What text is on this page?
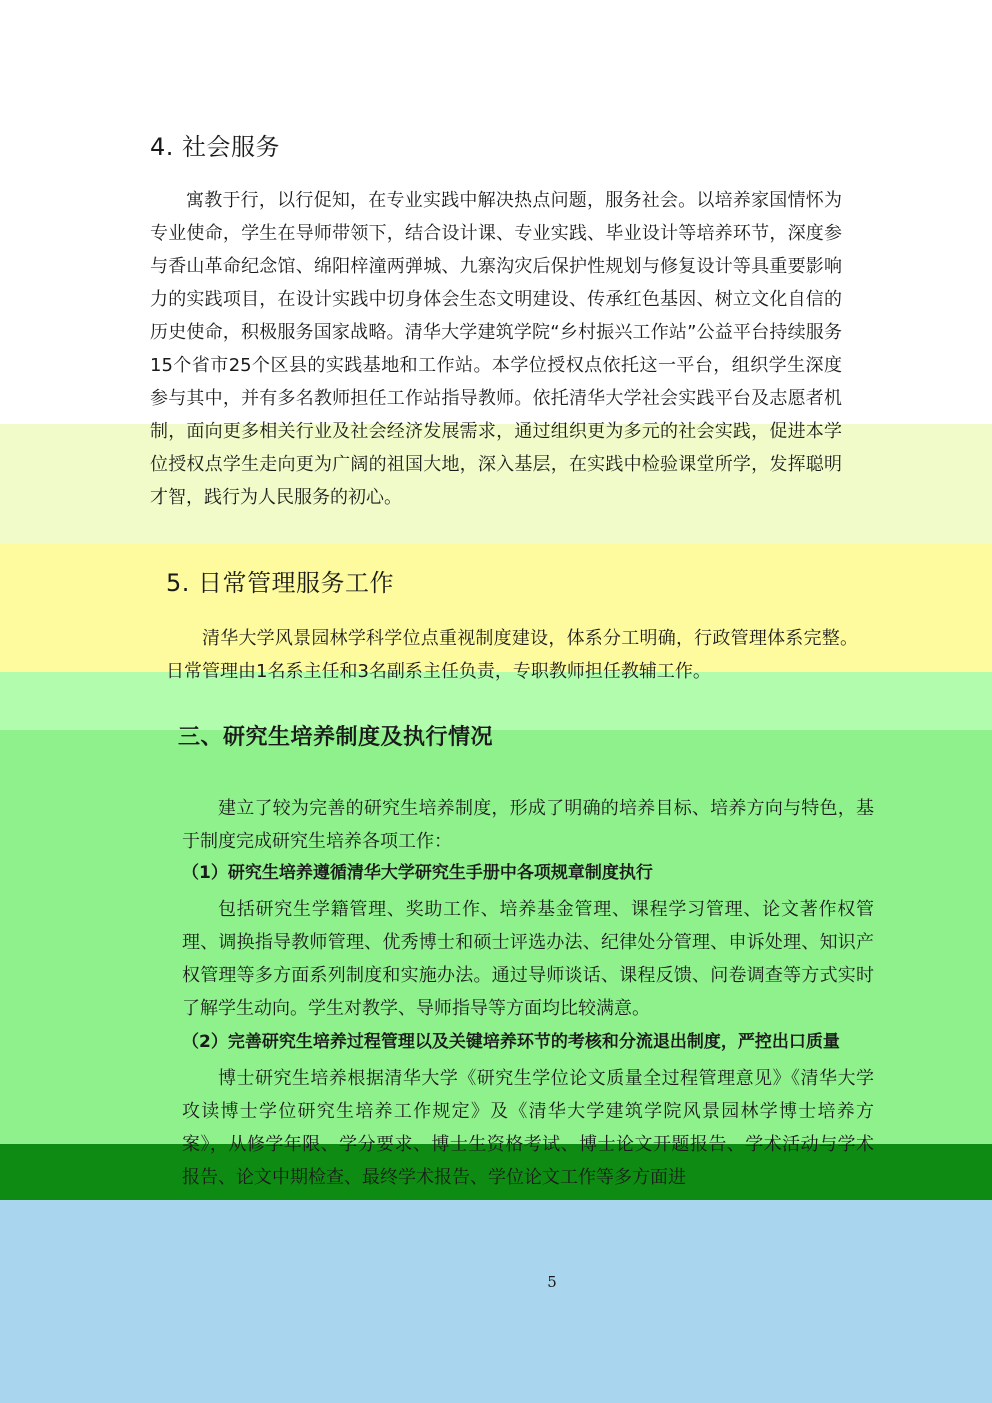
4. 社会服务

寓教于行，以行促知，在专业实践中解决热点问题，服务社会。以培养家国情怀为专业使命，学生在导师带领下，结合设计课、专业实践、毕业设计等培养环节，深度参与香山革命纪念馆、绵阳梓潼两弹城、九寨沟灾后保护性规划与修复设计等具重要影响力的实践项目，在设计实践中切身体会生态文明建设、传承红色基因、树立文化自信的历史使命，积极服务国家战略。清华大学建筑学院“乡村振兴工作站”公益平台持续服务15个省市25个区县的实践基地和工作站。本学位授权点依托这一平台，组织学生深度参与其中，并有多名教师担任工作站指导教师。依托清华大学社会实践平台及志愿者机制，面向更多相关行业及社会经济发展需求，通过组织更为多元的社会实践，促进本学位授权点学生走向更为广阔的祖国大地，深入基层，在实践中检验课堂所学，发挥聪明才智，践行为人民服务的初心。

5. 日常管理服务工作

清华大学风景园林学科学位点重视制度建设，体系分工明确，行政管理体系完整。日常管理由1名系主任和3名副系主任负责，专职教师担任教辅工作。

三、研究生培养制度及执行情况

建立了较为完善的研究生培养制度，形成了明确的培养目标、培养方向与特色，基于制度完成研究生培养各项工作：

（1）研究生培养遵循清华大学研究生手册中各项规章制度执行

包括研究生学籍管理、奖助工作、培养基金管理、课程学习管理、论文著作权管理、调换指导教师管理、优秀博士和硕士评选办法、纪律处分管理、申诉处理、知识产权管理等多方面系列制度和实施办法。通过导师谈话、课程反馈、问卷调查等方式实时了解学生动向。学生对教学、导师指导等方面均比较满意。

（2）完善研究生培养过程管理以及关键培养环节的考核和分流退出制度，严控出口质量

博士研究生培养根据清华大学《研究生学位论文质量全过程管理意见》《清华大学攻读博士学位研究生培养工作规定》及《清华大学建筑学院风景园林学博士培养方案》，从修学年限、学分要求、博士生资格考试、博士论文开题报告、学术活动与学术报告、论文中期检查、最终学术报告、学位论文工作等多方面进

5
